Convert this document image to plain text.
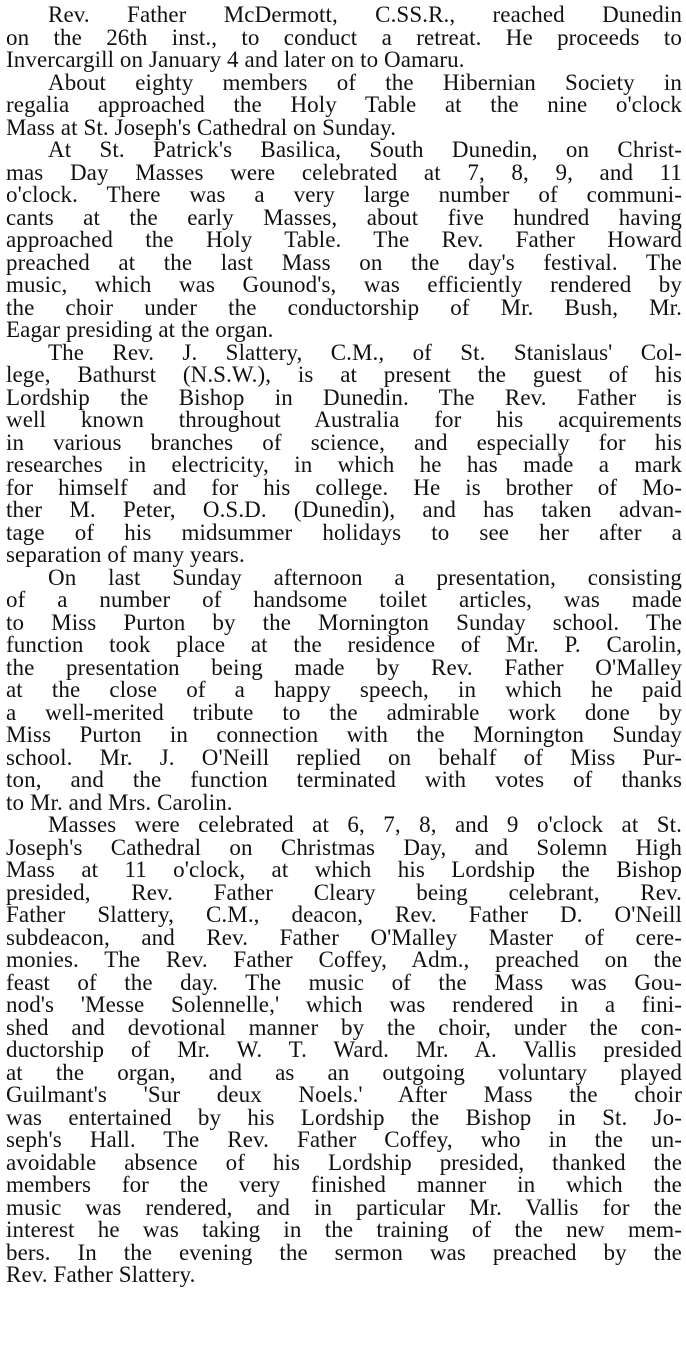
Rev. Father McDermott, C.SS.R., reached Dunedin
on the 26th inst., to conduct a retreat. He proceeds to
Invercargill on January 4 and later on to Oamaru.
About eighty members of the Hibernian Society in
regalia approached the Holy Table at the nine o'clock
Mass at St. Joseph's Cathedral on Sunday.
At St. Patrick's Basilica, South Dunedin, on Christ-
mas Day Masses were celebrated at 7, 8, 9, and 11
o'clock. There was a very large number of communi-
cants at the early Masses, about five hundred having
approached the Holy Table. The Rev. Father Howard
preached at the last Mass on the day's festival. The
music, which was Gounod's, was efficiently rendered by
the choir under the conductorship of Mr. Bush, Mr.
Eagar presiding at the organ.
The Rev. J. Slattery, C.M., of St. Stanislaus' Col-
lege, Bathurst (N.S.W.), is at present the guest of his
Lordship the Bishop in Dunedin. The Rev. Father is
well known throughout Australia for his acquirements
in various branches of science, and especially for his
researches in electricity, in which he has made a mark
for himself and for his college. He is brother of Mo-
ther M. Peter, O.S.D. (Dunedin), and has taken advan-
tage of his midsummer holidays to see her after a
separation of many years.
On last Sunday afternoon a presentation, consisting
of a number of handsome toilet articles, was made
to Miss Purton by the Mornington Sunday school. The
function took place at the residence of Mr. P. Carolin,
the presentation being made by Rev. Father O'Malley
at the close of a happy speech, in which he paid
a well-merited tribute to the admirable work done by
Miss Purton in connection with the Mornington Sunday
school. Mr. J. O'Neill replied on behalf of Miss Pur-
ton, and the function terminated with votes of thanks
to Mr. and Mrs. Carolin.
Masses were celebrated at 6, 7, 8, and 9 o'clock at St.
Joseph's Cathedral on Christmas Day, and Solemn High
Mass at 11 o'clock, at which his Lordship the Bishop
presided, Rev. Father Cleary being celebrant, Rev.
Father Slattery, C.M., deacon, Rev. Father D. O'Neill
subdeacon, and Rev. Father O'Malley Master of cere-
monies. The Rev. Father Coffey, Adm., preached on the
feast of the day. The music of the Mass was Gou-
nod's 'Messe Solennelle,' which was rendered in a fini-
shed and devotional manner by the choir, under the con-
ductorship of Mr. W. T. Ward. Mr. A. Vallis presided
at the organ, and as an outgoing voluntary played
Guilmant's 'Sur deux Noels.' After Mass the choir
was entertained by his Lordship the Bishop in St. Jo-
seph's Hall. The Rev. Father Coffey, who in the un-
avoidable absence of his Lordship presided, thanked the
members for the very finished manner in which the
music was rendered, and in particular Mr. Vallis for the
interest he was taking in the training of the new mem-
bers. In the evening the sermon was preached by the
Rev. Father Slattery.
